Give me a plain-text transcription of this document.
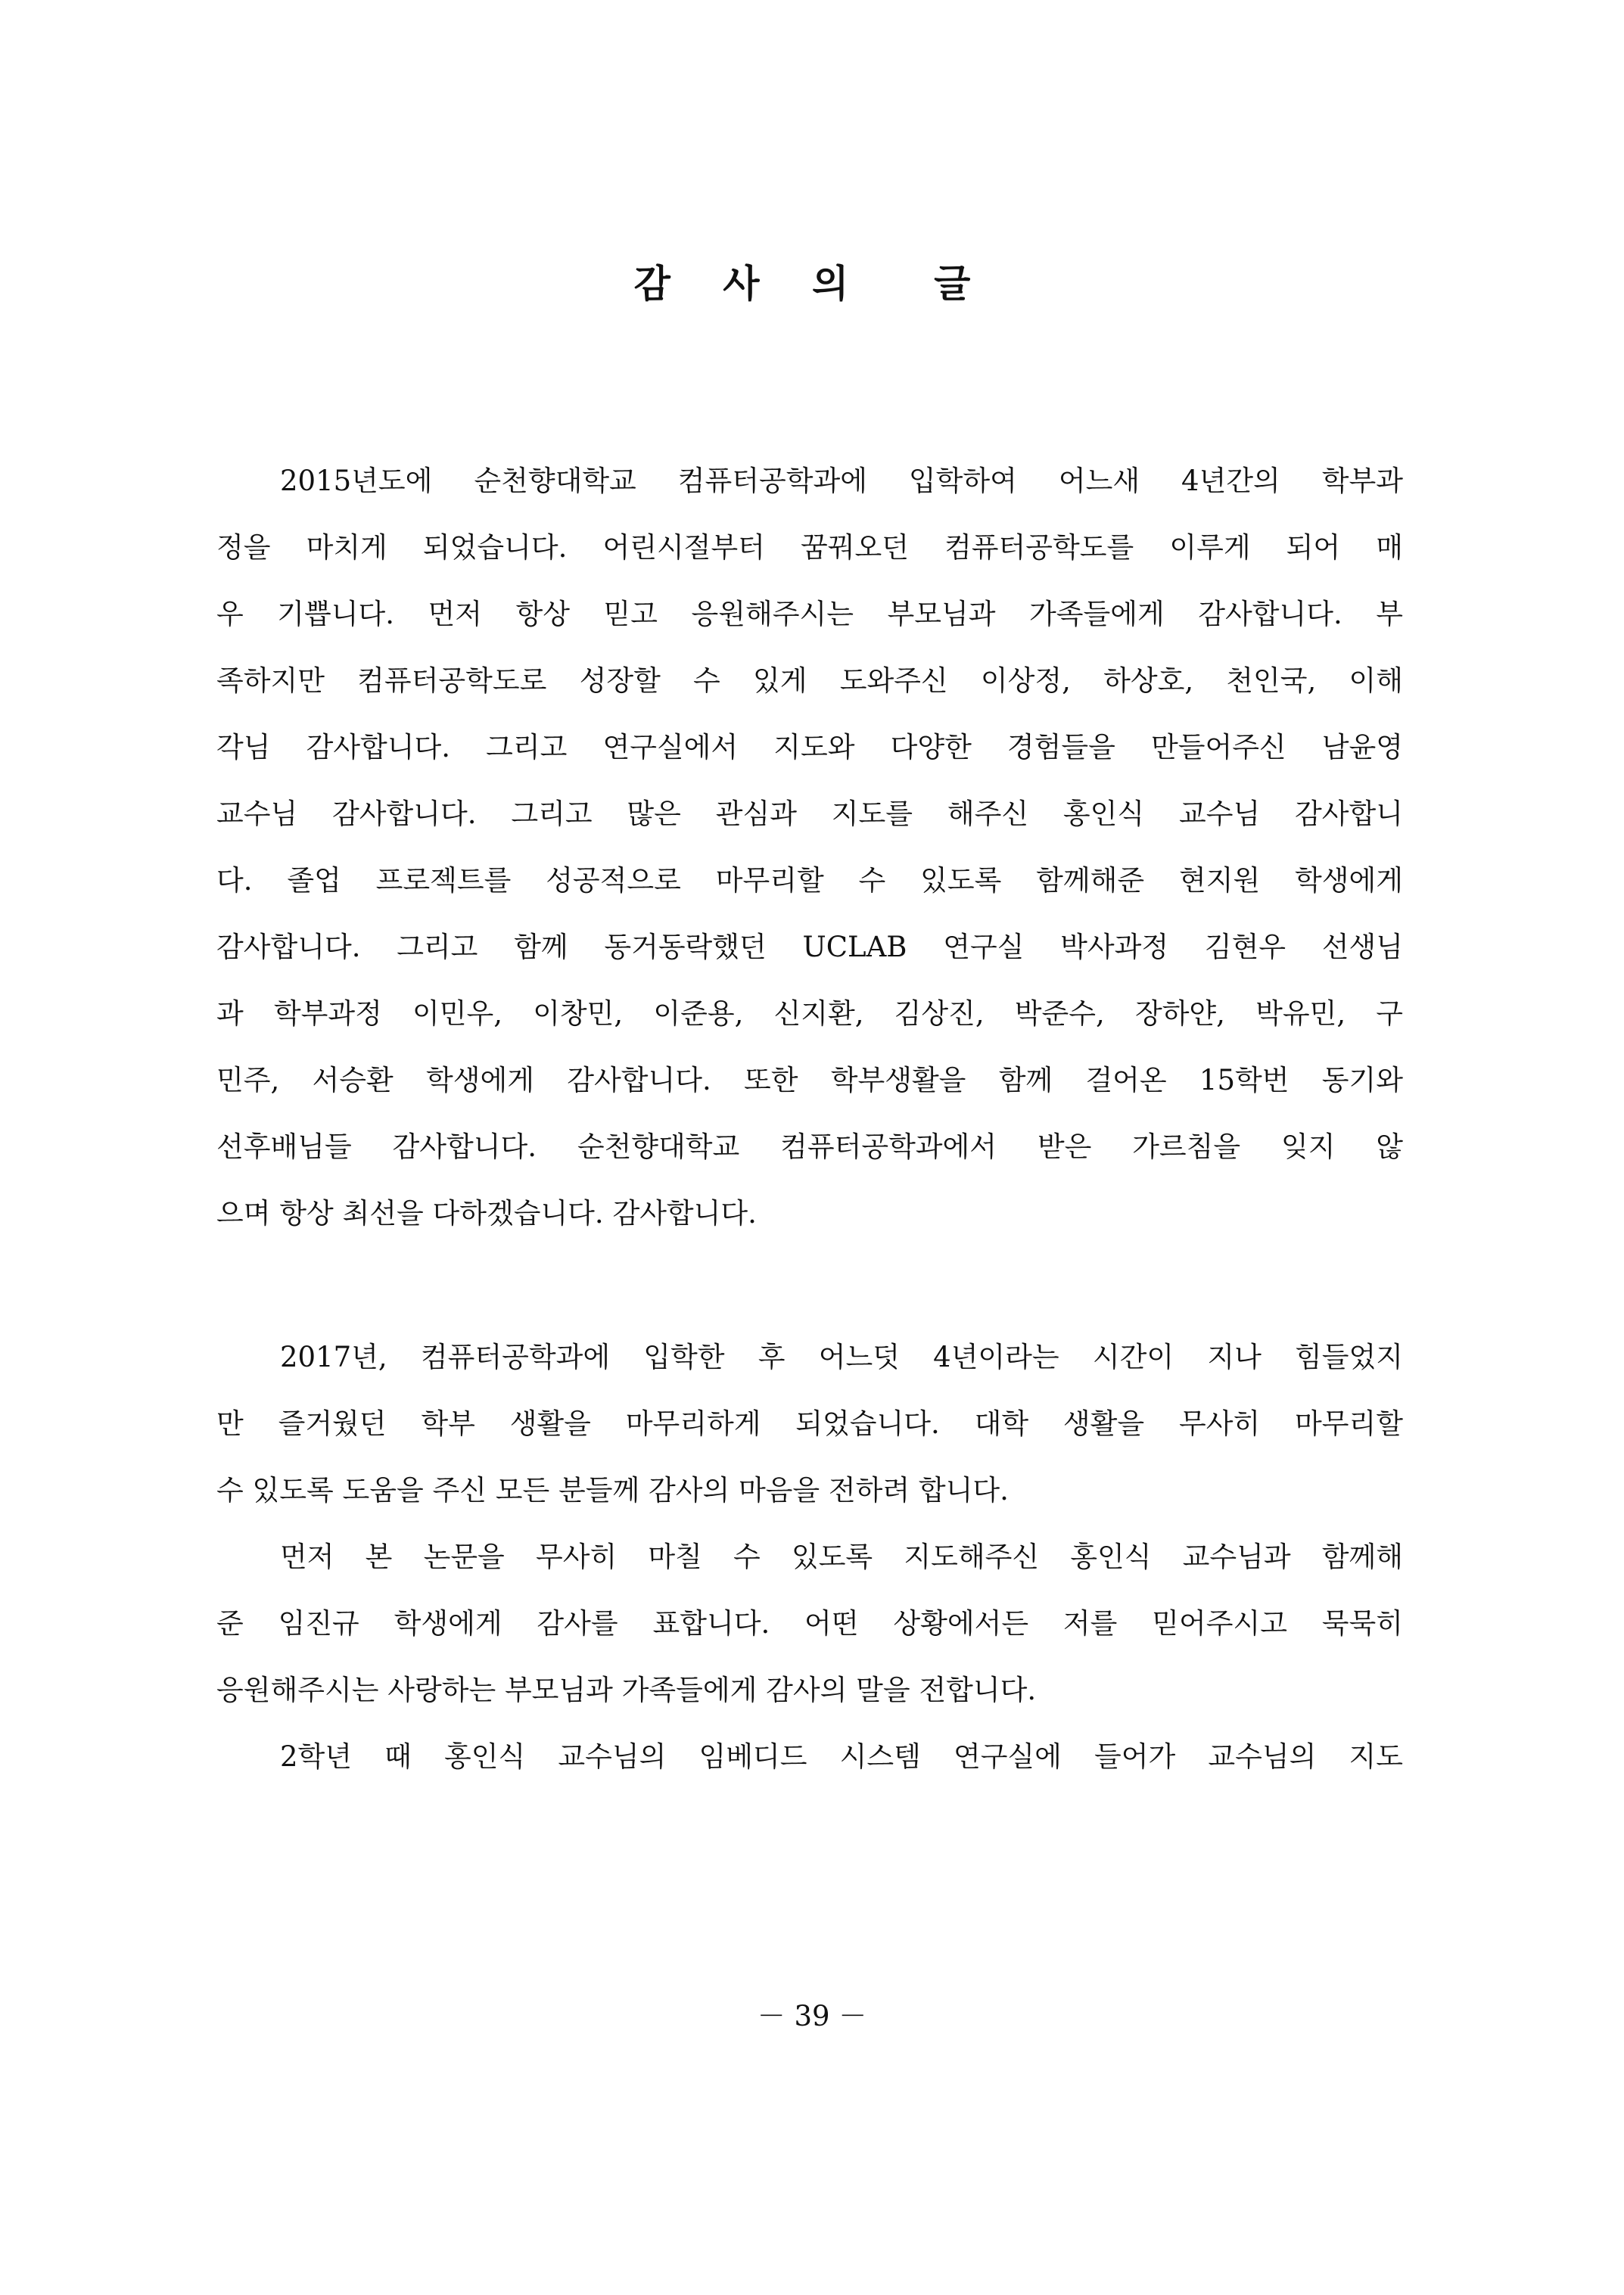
감 사 의  글
2015년도에 순천향대학교 컴퓨터공학과에 입학하여 어느새 4년간의 학부과
정을 마치게 되었습니다. 어린시절부터 꿈꿔오던 컴퓨터공학도를 이루게 되어 매
우 기쁩니다. 먼저 항상 믿고 응원해주시는 부모님과 가족들에게 감사합니다. 부
족하지만 컴퓨터공학도로 성장할 수 있게 도와주신 이상정, 하상호, 천인국, 이해
각님 감사합니다. 그리고 연구실에서 지도와 다양한 경험들을 만들어주신 남윤영
교수님 감사합니다. 그리고 많은 관심과 지도를 해주신 홍인식 교수님 감사합니
다. 졸업 프로젝트를 성공적으로 마무리할 수 있도록 함께해준 현지원 학생에게
감사합니다. 그리고 함께 동거동락했던 UCLAB 연구실 박사과정 김현우 선생님
과 학부과정 이민우, 이창민, 이준용, 신지환, 김상진, 박준수, 장하얀, 박유민, 구
민주, 서승환 학생에게 감사합니다. 또한 학부생활을 함께 걸어온 15학번 동기와
선후배님들 감사합니다. 순천향대학교 컴퓨터공학과에서 받은 가르침을 잊지 않
으며 항상 최선을 다하겠습니다. 감사합니다.
2017년, 컴퓨터공학과에 입학한 후 어느덧 4년이라는 시간이 지나 힘들었지
만 즐거웠던 학부 생활을 마무리하게 되었습니다. 대학 생활을 무사히 마무리할
수 있도록 도움을 주신 모든 분들께 감사의 마음을 전하려 합니다.
먼저 본 논문을 무사히 마칠 수 있도록 지도해주신 홍인식 교수님과 함께해
준 임진규 학생에게 감사를 표합니다. 어떤 상황에서든 저를 믿어주시고 묵묵히
응원해주시는 사랑하는 부모님과 가족들에게 감사의 말을 전합니다.
2학년 때 홍인식 교수님의 임베디드 시스템 연구실에 들어가 교수님의 지도
－ 39 －
